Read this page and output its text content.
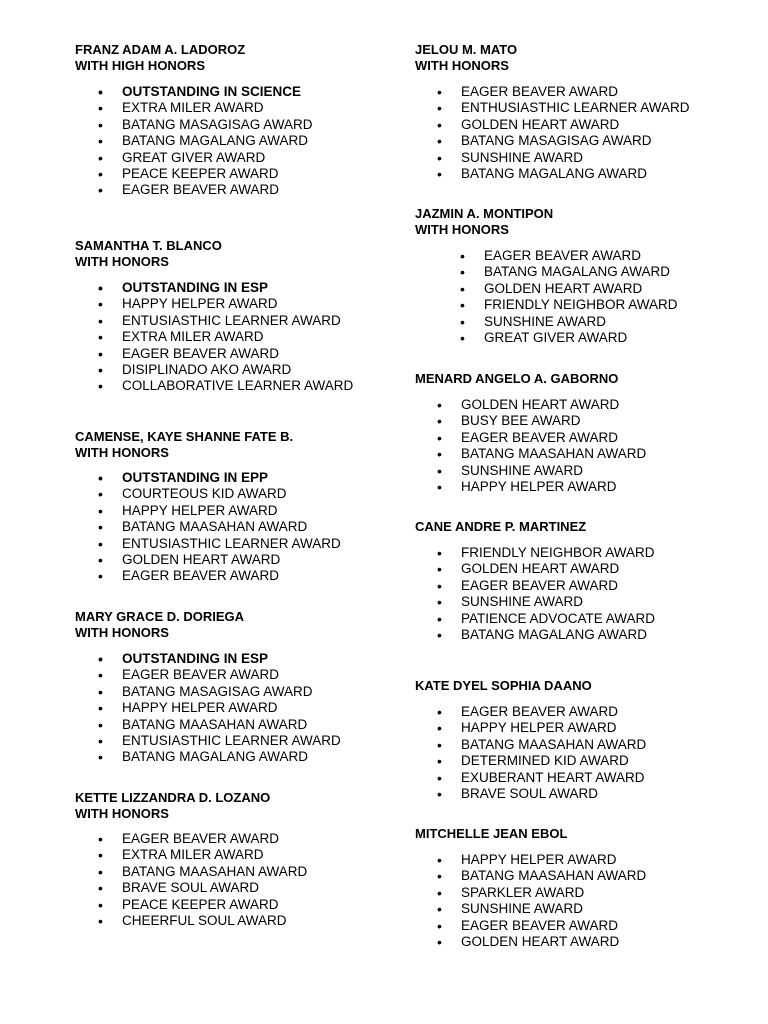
FRANZ ADAM A. LADOROZ

WITH HIGH HONORS

• OUTSTANDING IN SCIENCE
• EXTRA MILER AWARD
• BATANG MASAGISAG AWARD
• BATANG MAGALANG AWARD
• GREAT GIVER AWARD
• PEACE KEEPER AWARD
• EAGER BEAVER AWARD

SAMANTHA T. BLANCO

WITH HONORS

• OUTSTANDING IN ESP
• HAPPY HELPER AWARD
• ENTUSIASTHIC LEARNER AWARD
• EXTRA MILER AWARD
• EAGER BEAVER AWARD
• DISIPLINADO AKO AWARD
• COLLABORATIVE LEARNER AWARD

CAMENSE, KAYE SHANNE FATE B.

WITH HONORS

• OUTSTANDING IN EPP
• COURTEOUS KID AWARD
• HAPPY HELPER AWARD
• BATANG MAASAHAN AWARD
• ENTUSIASTHIC LEARNER AWARD
• GOLDEN HEART AWARD
• EAGER BEAVER AWARD

MARY GRACE D. DORIEGA

WITH HONORS

• OUTSTANDING IN ESP
• EAGER BEAVER AWARD
• BATANG MASAGISAG AWARD
• HAPPY HELPER AWARD
• BATANG MAASAHAN AWARD
• ENTUSIASTHIC LEARNER AWARD
• BATANG MAGALANG AWARD

KETTE LIZZANDRA D. LOZANO

WITH HONORS

• EAGER BEAVER AWARD
• EXTRA MILER AWARD
• BATANG MAASAHAN AWARD
• BRAVE SOUL AWARD
• PEACE KEEPER AWARD
• CHEERFUL SOUL AWARD

JELOU M. MATO

WITH HONORS

• EAGER BEAVER AWARD
• ENTHUSIASTHIC LEARNER AWARD
• GOLDEN HEART AWARD
• BATANG MASAGISAG AWARD
• SUNSHINE AWARD
• BATANG MAGALANG AWARD

JAZMIN A. MONTIPON

WITH HONORS

• EAGER BEAVER AWARD
• BATANG MAGALANG AWARD
• GOLDEN HEART AWARD
• FRIENDLY NEIGHBOR AWARD
• SUNSHINE AWARD
• GREAT GIVER AWARD

MENARD ANGELO A. GABORNO

• GOLDEN HEART AWARD
• BUSY BEE AWARD
• EAGER BEAVER AWARD
• BATANG MAASAHAN AWARD
• SUNSHINE AWARD
• HAPPY HELPER AWARD

CANE ANDRE P. MARTINEZ

• FRIENDLY NEIGHBOR AWARD
• GOLDEN HEART AWARD
• EAGER BEAVER AWARD
• SUNSHINE AWARD
• PATIENCE ADVOCATE AWARD
• BATANG MAGALANG AWARD

KATE DYEL SOPHIA DAANO

• EAGER BEAVER AWARD
• HAPPY HELPER AWARD
• BATANG MAASAHAN AWARD
• DETERMINED KID AWARD
• EXUBERANT HEART AWARD
• BRAVE SOUL AWARD

MITCHELLE JEAN EBOL

• HAPPY HELPER AWARD
• BATANG MAASAHAN AWARD
• SPARKLER AWARD
• SUNSHINE AWARD
• EAGER BEAVER AWARD
• GOLDEN HEART AWARD
